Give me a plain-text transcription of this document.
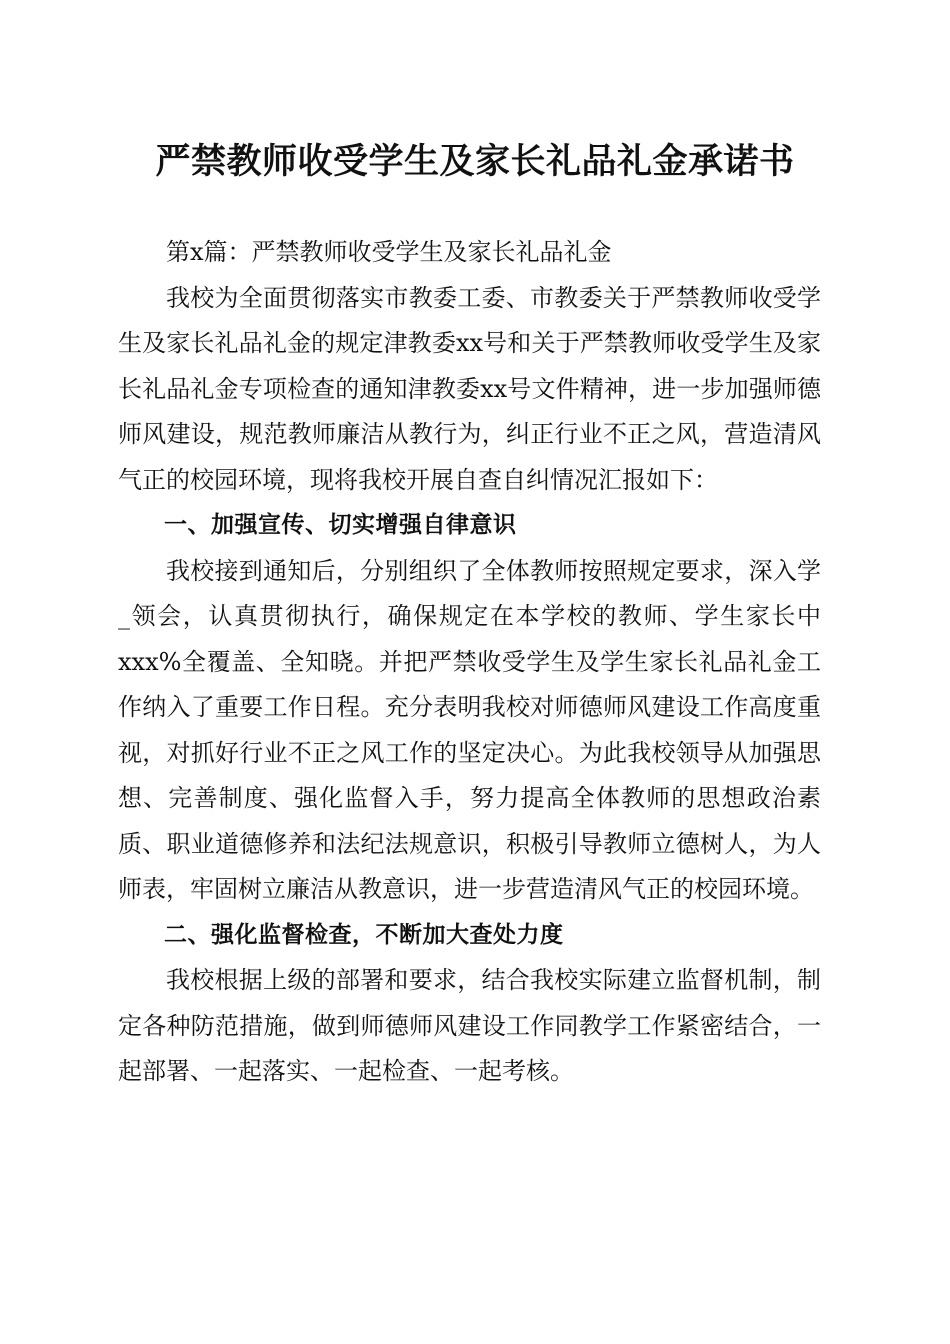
严禁教师收受学生及家长礼品礼金承诺书

第x篇：严禁教师收受学生及家长礼品礼金

我校为全面贯彻落实市教委工委、市教委关于严禁教师收受学生及家长礼品礼金的规定津教委xx号和关于严禁教师收受学生及家长礼品礼金专项检查的通知津教委xx号文件精神，进一步加强师德师风建设，规范教师廉洁从教行为，纠正行业不正之风，营造清风气正的校园环境，现将我校开展自查自纠情况汇报如下：

一、加强宣传、切实增强自律意识

我校接到通知后，分别组织了全体教师按照规定要求，深入学_领会，认真贯彻执行，确保规定在本学校的教师、学生家长中xxx%全覆盖、全知晓。并把严禁收受学生及学生家长礼品礼金工作纳入了重要工作日程。充分表明我校对师德师风建设工作高度重视，对抓好行业不正之风工作的坚定决心。为此我校领导从加强思想、完善制度、强化监督入手，努力提高全体教师的思想政治素质、职业道德修养和法纪法规意识，积极引导教师立德树人，为人师表，牢固树立廉洁从教意识，进一步营造清风气正的校园环境。

二、强化监督检查，不断加大查处力度

我校根据上级的部署和要求，结合我校实际建立监督机制，制定各种防范措施，做到师德师风建设工作同教学工作紧密结合，一起部署、一起落实、一起检查、一起考核。
